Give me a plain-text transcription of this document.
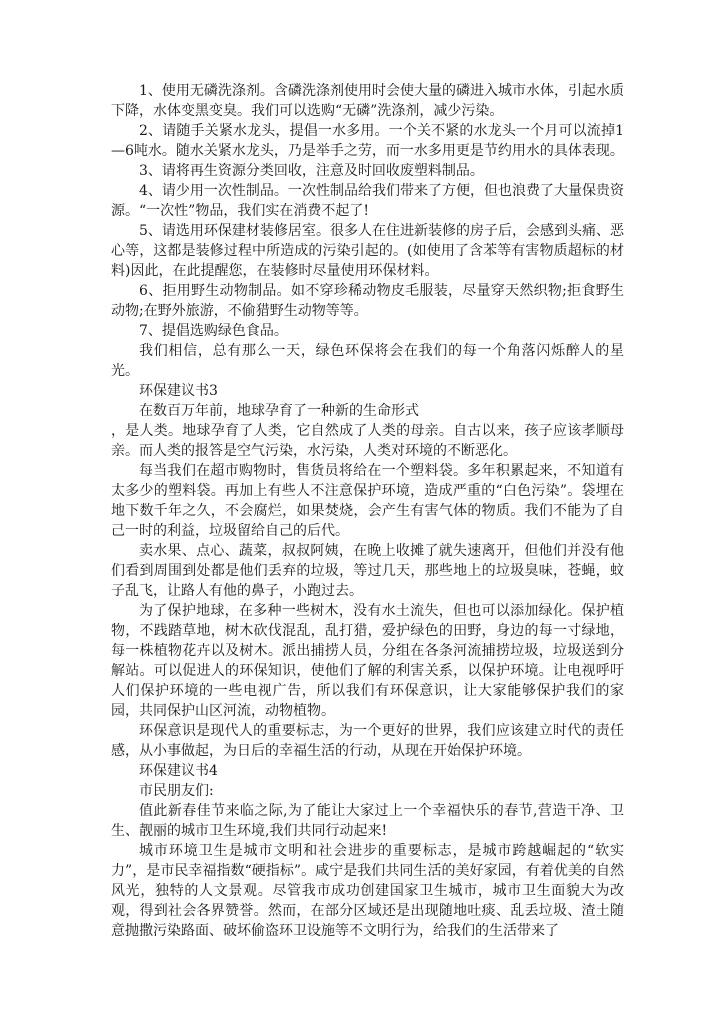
1、使用无磷洗涤剂。含磷洗涤剂使用时会使大量的磷进入城市水体，引起水质下降，水体变黑变臭。我们可以选购“无磷”洗涤剂，减少污染。

2、请随手关紧水龙头，提倡一水多用。一个关不紧的水龙头一个月可以流掉1—6吨水。随水关紧水龙头，乃是举手之劳，而一水多用更是节约用水的具体表现。

3、请将再生资源分类回收，注意及时回收废塑料制品。

4、请少用一次性制品。一次性制品给我们带来了方便，但也浪费了大量保贵资源。“一次性”物品，我们实在消费不起了!

5、请选用环保建材装修居室。很多人在住进新装修的房子后，会感到头痛、恶心等，这都是装修过程中所造成的污染引起的。(如使用了含苯等有害物质超标的材料)因此，在此提醒您，在装修时尽量使用环保材料。

6、拒用野生动物制品。如不穿珍稀动物皮毛服装，尽量穿天然织物;拒食野生动物;在野外旅游，不偷猎野生动物等等。

7、提倡选购绿色食品。

我们相信，总有那么一天，绿色环保将会在我们的每一个角落闪烁醉人的星光。

环保建议书3

在数百万年前，地球孕育了一种新的生命形式

，是人类。地球孕育了人类，它自然成了人类的母亲。自古以来，孩子应该孝顺母亲。而人类的报答是空气污染，水污染，人类对环境的不断恶化。

每当我们在超市购物时，售货员将给在一个塑料袋。多年积累起来，不知道有太多少的塑料袋。再加上有些人不注意保护环境，造成严重的“白色污染”。袋埋在地下数千年之久，不会腐烂，如果焚烧，会产生有害气体的物质。我们不能为了自己一时的利益，垃圾留给自己的后代。

卖水果、点心、蔬菜，叔叔阿姨，在晚上收摊了就失速离开，但他们并没有他们看到周围到处都是他们丢弃的垃圾，等过几天，那些地上的垃圾臭味，苍蝇，蚊子乱飞，让路人有他的鼻子，小跑过去。

为了保护地球，在多种一些树木，没有水土流失，但也可以添加绿化。保护植物，不践踏草地，树木砍伐混乱，乱打猎，爱护绿色的田野，身边的每一寸绿地，每一株植物花卉以及树木。派出捕捞人员，分组在各条河流捕捞垃圾，垃圾送到分解站。可以促进人的环保知识，使他们了解的利害关系，以保护环境。让电视呼吁人们保护环境的一些电视广告，所以我们有环保意识，让大家能够保护我们的家园，共同保护山区河流，动物植物。

环保意识是现代人的重要标志，为一个更好的世界，我们应该建立时代的责任感，从小事做起，为日后的幸福生活的行动，从现在开始保护环境。

环保建议书4

市民朋友们:

值此新春佳节来临之际,为了能让大家过上一个幸福快乐的春节,营造干净、卫生、靓丽的城市卫生环境,我们共同行动起来!

城市环境卫生是城市文明和社会进步的重要标志，是城市跨越崛起的“软实力”，是市民幸福指数“硬指标”。咸宁是我们共同生活的美好家园，有着优美的自然风光，独特的人文景观。尽管我市成功创建国家卫生城市，城市卫生面貌大为改观，得到社会各界赞誉。然而，在部分区域还是出现随地吐痰、乱丢垃圾、渣土随意抛撒污染路面、破坏偷盗环卫设施等不文明行为，给我们的生活带来了
